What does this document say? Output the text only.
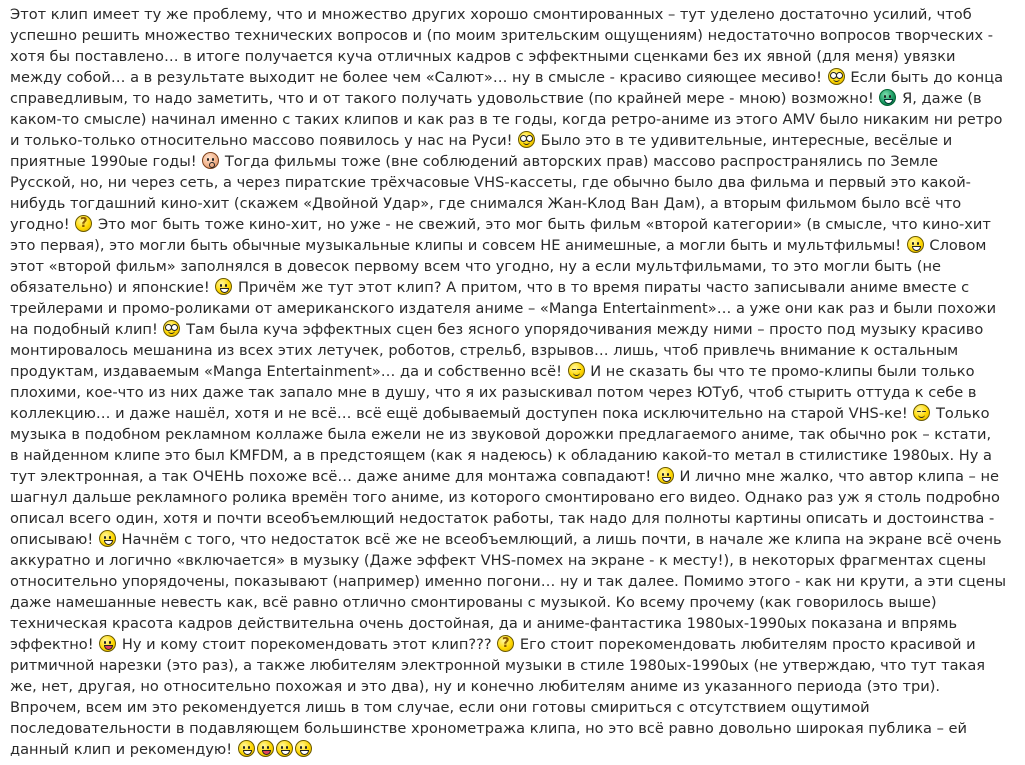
Этот клип имеет ту же проблему, что и множество других хорошо смонтированных – тут уделено достаточно усилий, чтоб
успешно решить множество технических вопросов и (по моим зрительским ощущениям) недостаточно вопросов творческих -
хотя бы поставлено… в итоге получается куча отличных кадров с эффектными сценками без их явной (для меня) увязки
между собой… а в результате выходит не более чем «Салют»… ну в смысле - красиво сияющее месиво! Если быть до конца
справедливым, то надо заметить, что и от такого получать удовольствие (по крайней мере - мною) возможно! Я, даже (в
каком-то смысле) начинал именно с таких клипов и как раз в те годы, когда ретро-аниме из этого AMV было никаким ни ретро
и только-только относительно массово появилось у нас на Руси! Было это в те удивительные, интересные, весёлые и
приятные 1990ые годы! Тогда фильмы тоже (вне соблюдений авторских прав) массово распространялись по Земле
Русской, но, ни через сеть, а через пиратские трёхчасовые VHS-кассеты, где обычно было два фильма и первый это какой-
нибудь тогдашний кино-хит (скажем «Двойной Удар», где снимался Жан-Клод Ван Дам), а вторым фильмом было всё что
угодно! ? Это мог быть тоже кино-хит, но уже - не свежий, это мог быть фильм «второй категории» (в смысле, что кино-хит
это первая), это могли быть обычные музыкальные клипы и совсем НЕ анимешные, а могли быть и мультфильмы! Словом
этот «второй фильм» заполнялся в довесок первому всем что угодно, ну а если мультфильмами, то это могли быть (не
обязательно) и японские! Причём же тут этот клип? А притом, что в то время пираты часто записывали аниме вместе с
трейлерами и промо-роликами от американского издателя аниме – «Manga Entertainment»… а уже они как раз и были похожи
на подобный клип! Там была куча эффектных сцен без ясного упорядочивания между ними – просто под музыку красиво
монтировалось мешанина из всех этих летучек, роботов, стрельб, взрывов… лишь, чтоб привлечь внимание к остальным
продуктам, издаваемым «Manga Entertainment»… да и собственно всё! И не сказать бы что те промо-клипы были только
плохими, кое-что из них даже так запало мне в душу, что я их разыскивал потом через ЮТуб, чтоб стырить оттуда к себе в
коллекцию… и даже нашёл, хотя и не всё… всё ещё добываемый доступен пока исключительно на старой VHS-ке! Только
музыка в подобном рекламном коллаже была ежели не из звуковой дорожки предлагаемого аниме, так обычно рок – кстати,
в найденном клипе это был KMFDM, а в предстоящем (как я надеюсь) к обладанию какой-то метал в стилистике 1980ых. Ну а
тут электронная, а так ОЧЕНЬ похоже всё… даже аниме для монтажа совпадают! И лично мне жалко, что автор клипа – не
шагнул дальше рекламного ролика времён того аниме, из которого смонтировано его видео. Однако раз уж я столь подробно
описал всего один, хотя и почти всеобъемлющий недостаток работы, так надо для полноты картины описать и достоинства -
описываю! Начнём с того, что недостаток всё же не всеобъемлющий, а лишь почти, в начале же клипа на экране всё очень
аккуратно и логично «включается» в музыку (Даже эффект VHS-помех на экране - к месту!), в некоторых фрагментах сцены
относительно упорядочены, показывают (например) именно погони… ну и так далее. Помимо этого - как ни крути, а эти сцены
даже намешанные невесть как, всё равно отлично смонтированы с музыкой. Ко всему прочему (как говорилось выше)
техническая красота кадров действительна очень достойная, да и аниме-фантастика 1980ых-1990ых показана и впрямь
эффектно! Ну и кому стоит порекомендовать этот клип??? ? Его стоит порекомендовать любителям просто красивой и
ритмичной нарезки (это раз), а также любителям электронной музыки в стиле 1980ых-1990ых (не утверждаю, что тут такая
же, нет, другая, но относительно похожая и это два), ну и конечно любителям аниме из указанного периода (это три).
Впрочем, всем им это рекомендуется лишь в том случае, если они готовы смириться с отсутствием ощутимой
последовательности в подавляющем большинстве хронометража клипа, но это всё равно довольно широкая публика – ей
данный клип и рекомендую!
